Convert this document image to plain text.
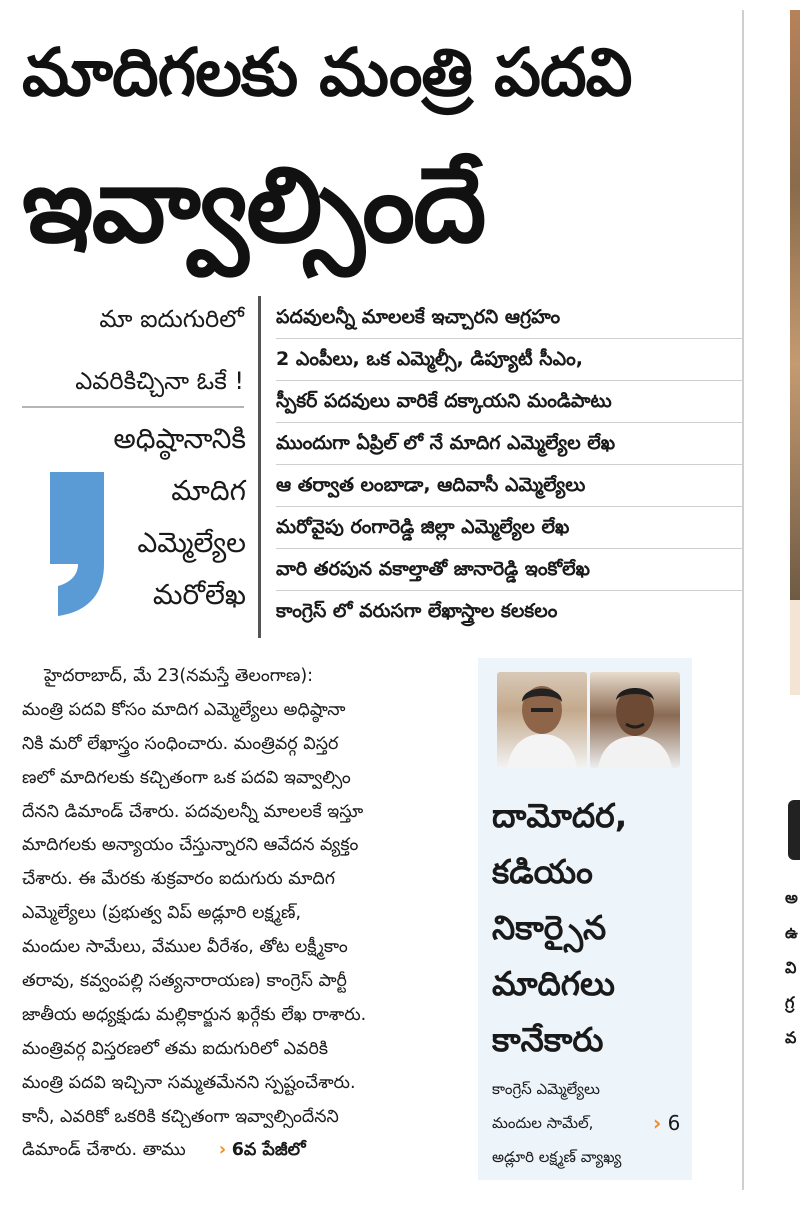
మాదిగలకు మంత్రి పదవి
ఇవ్వాల్సిందే
అ
ఉ
వి
గ్ర
వ
మా ఐదుగురిలో
ఎవరికిచ్చినా ఓకే !
అధిష్ఠానానికి
మాదిగ
ఎమ్మెల్యేల
మరోలేఖ
పదవులన్నీ మాలలకే ఇచ్చారని ఆగ్రహం
2 ఎంపీలు, ఒక ఎమ్మెల్సీ, డిప్యూటీ సీఎం,
స్పీకర్ పదవులు వారికే దక్కాయని మండిపాటు
ముందుగా ఏప్రిల్ లో నే మాదిగ ఎమ్మెల్యేల లేఖ
ఆ తర్వాత లంబాడా, ఆదివాసీ ఎమ్మెల్యేలు
మరోవైపు రంగారెడ్డి జిల్లా ఎమ్మెల్యేల లేఖ
వారి తరపున వకాల్తాతో జానారెడ్డి ఇంకోలేఖ
కాంగ్రెస్ లో వరుసగా లేఖాస్త్రాల కలకలం
హైదరాబాద్, మే 23(నమస్తే తెలంగాణ):
మంత్రి పదవి కోసం మాదిగ ఎమ్మెల్యేలు అధిష్ఠానా
నికి మరో లేఖాస్త్రం సంధించారు. మంత్రివర్గ విస్తర
ణలో మాదిగలకు కచ్చితంగా ఒక పదవి ఇవ్వాల్సిం
దేనని డిమాండ్ చేశారు. పదవులన్నీ మాలలకే ఇస్తూ
మాదిగలకు అన్యాయం చేస్తున్నారని ఆవేదన వ్యక్తం
చేశారు. ఈ మేరకు శుక్రవారం ఐదుగురు మాదిగ
ఎమ్మెల్యేలు (ప్రభుత్వ విప్ అడ్లూరి లక్ష్మణ్,
మందుల సామేలు, వేముల వీరేశం, తోట లక్ష్మీకాం
తరావు, కవ్వంపల్లి సత్యనారాయణ) కాంగ్రెస్ పార్టీ
జాతీయ అధ్యక్షుడు మల్లికార్జున ఖర్గేకు లేఖ రాశారు.
మంత్రివర్గ విస్తరణలో తమ ఐదుగురిలో ఎవరికి
మంత్రి పదవి ఇచ్చినా సమ్మతమేనని స్పష్టంచేశారు.
కానీ, ఎవరికో ఒకరికి కచ్చితంగా ఇవ్వాల్సిందేనని
డిమాండ్ చేశారు. తాము › 6వ పేజీలో
దామోదర,
కడియం
నికార్సైన
మాదిగలు
కానేకారు
కాంగ్రెస్ ఎమ్మెల్యేలు
మందుల సామేల్,
అడ్లూరి లక్ష్మణ్ వ్యాఖ్య
› 6
